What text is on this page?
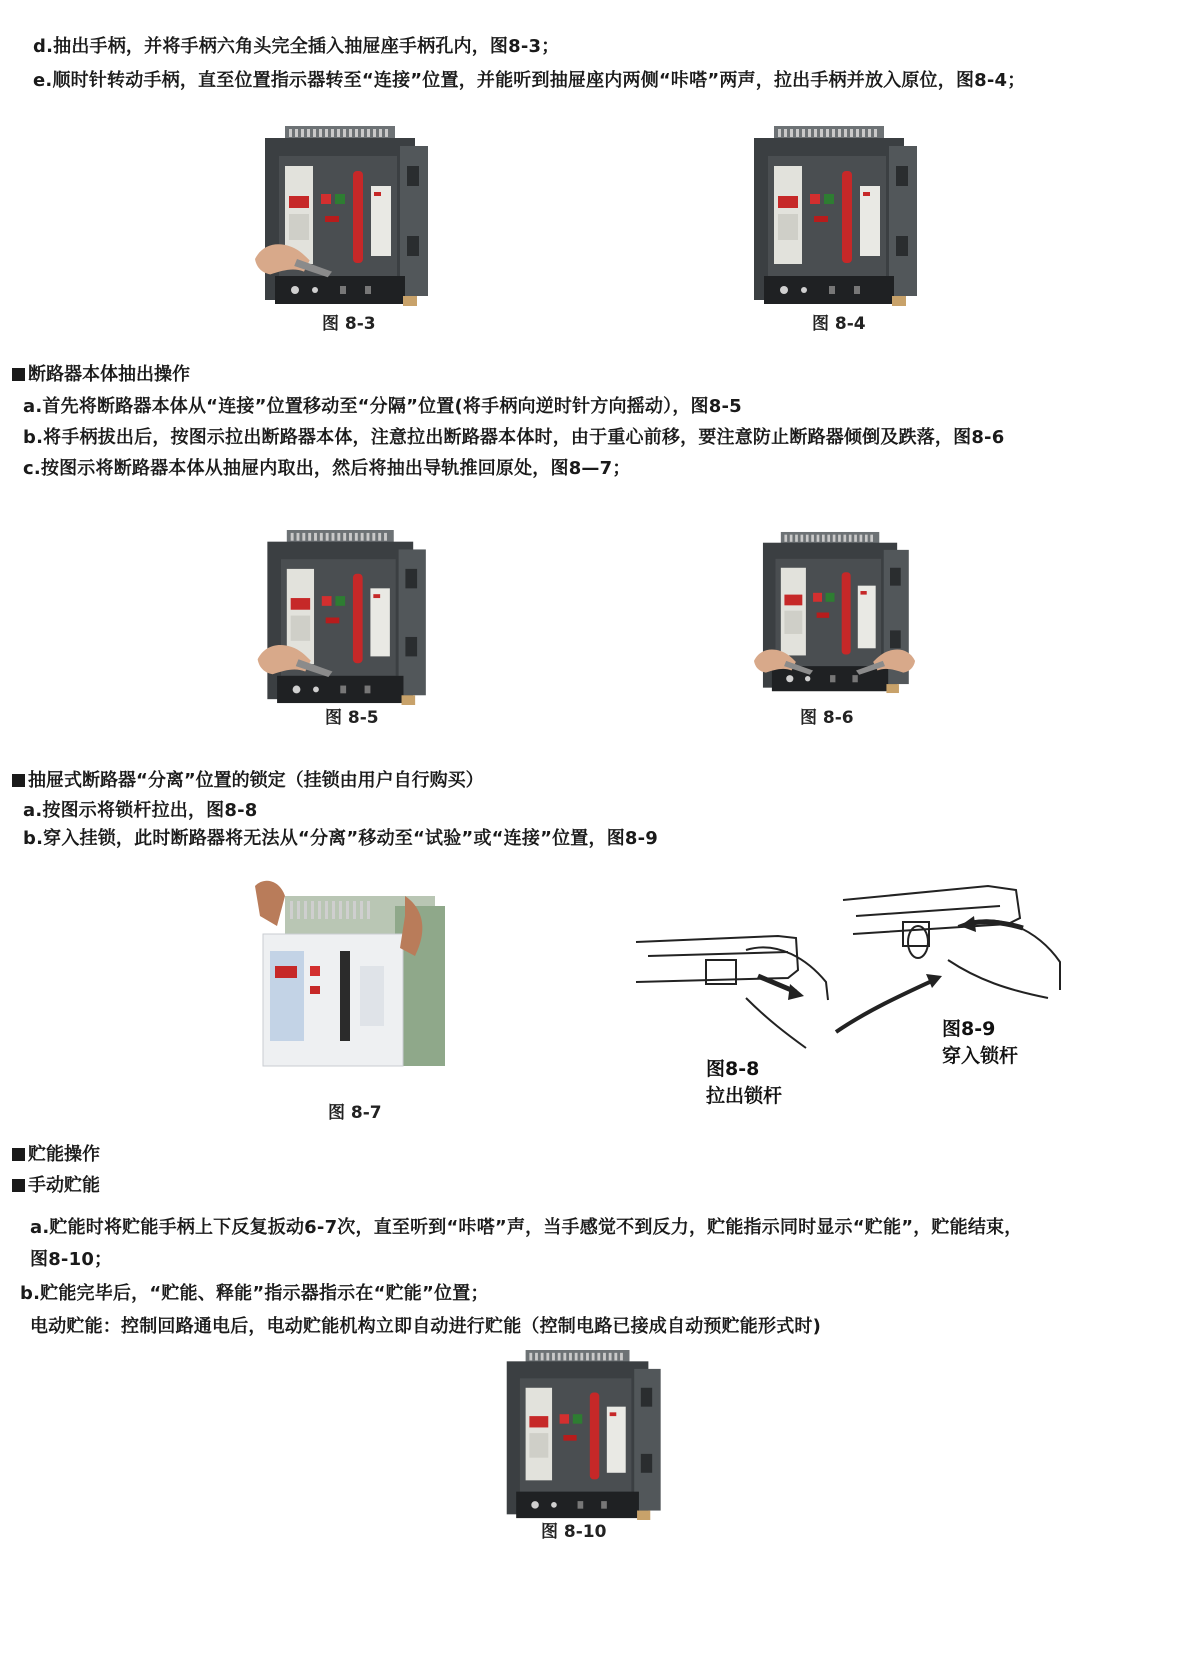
d.抽出手柄，并将手柄六角头完全插入抽屉座手柄孔内，图8-3；
e.顺时针转动手柄，直至位置指示器转至“连接”位置，并能听到抽屉座内两侧“咔嗒”两声，拉出手柄并放入原位，图8-4；
图 8-3	图 8-4
断路器本体抽出操作
a.首先将断路器本体从“连接”位置移动至“分隔”位置(将手柄向逆时针方向摇动），图8-5
b.将手柄拔出后，按图示拉出断路器本体，注意拉出断路器本体时，由于重心前移，要注意防止断路器倾倒及跌落，图8-6
c.按图示将断路器本体从抽屉内取出，然后将抽出导轨推回原处，图8—7；
图 8-5	图 8-6
抽屉式断路器“分离”位置的锁定（挂锁由用户自行购买）
a.按图示将锁杆拉出，图8-8
b.穿入挂锁，此时断路器将无法从“分离”移动至“试验”或“连接”位置，图8-9
图 8-7
图8-8
拉出锁杆
图8-9
穿入锁杆
贮能操作
手动贮能
a.贮能时将贮能手柄上下反复扳动6-7次，直至听到“咔嗒”声，当手感觉不到反力，贮能指示同时显示“贮能”，贮能结束，
图8-10；
b.贮能完毕后，“贮能、释能”指示器指示在“贮能”位置；
电动贮能：控制回路通电后，电动贮能机构立即自动进行贮能（控制电路已接成自动预贮能形式时)
图 8-10
